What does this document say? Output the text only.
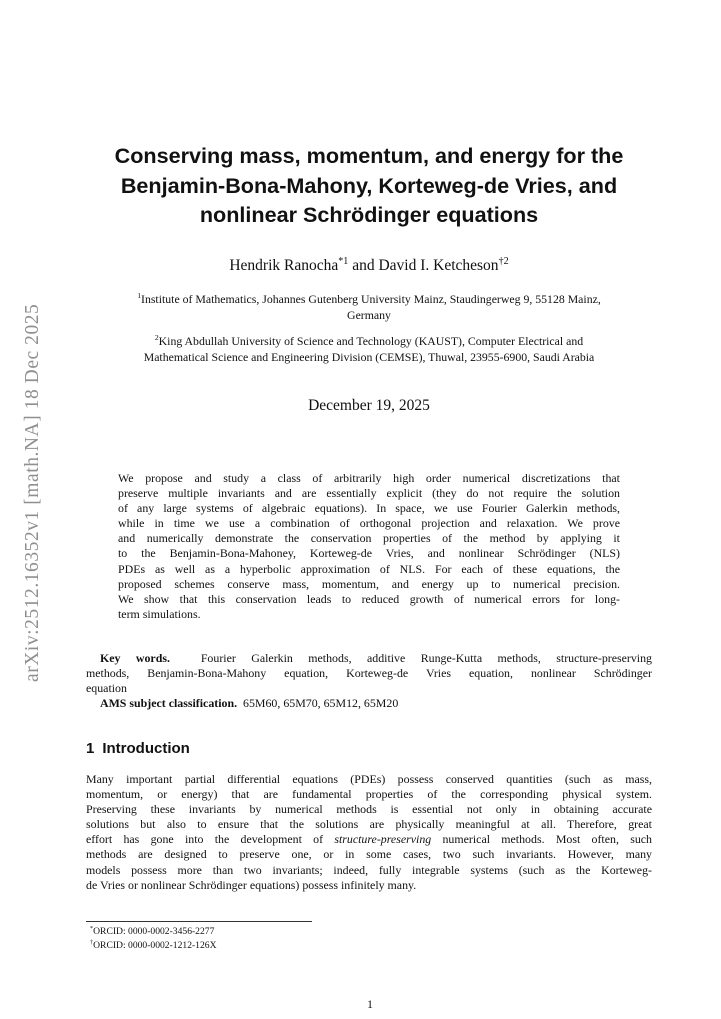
arXiv:2512.16352v1 [math.NA] 18 Dec 2025
Conserving mass, momentum, and energy for the
Benjamin-Bona-Mahony, Korteweg-de Vries, and
nonlinear Schrödinger equations
Hendrik Ranocha$^{*1}$ and David I. Ketcheson$^{\dagger 2}$
$^1$Institute of Mathematics, Johannes Gutenberg University Mainz, Staudingerweg 9, 55128 Mainz,
Germany
$^2$King Abdullah University of Science and Technology (KAUST), Computer Electrical and
Mathematical Science and Engineering Division (CEMSE), Thuwal, 23955-6900, Saudi Arabia
December 19, 2025
We propose and study a class of arbitrarily high order numerical discretizations that
preserve multiple invariants and are essentially explicit (they do not require the solution
of any large systems of algebraic equations). In space, we use Fourier Galerkin methods,
while in time we use a combination of orthogonal projection and relaxation. We prove
and numerically demonstrate the conservation properties of the method by applying it
to the Benjamin-Bona-Mahoney, Korteweg-de Vries, and nonlinear Schrödinger (NLS)
PDEs as well as a hyperbolic approximation of NLS. For each of these equations, the
proposed schemes conserve mass, momentum, and energy up to numerical precision.
We show that this conservation leads to reduced growth of numerical errors for long-
term simulations.
Key words.	Fourier Galerkin methods, additive Runge-Kutta methods, structure-preserving
methods, Benjamin-Bona-Mahony equation, Korteweg-de Vries equation, nonlinear Schrödinger
equation
AMS subject classification. 65M60, 65M70, 65M12, 65M20
1 Introduction
Many important partial differential equations (PDEs) possess conserved quantities (such as mass,
momentum, or energy) that are fundamental properties of the corresponding physical system.
Preserving these invariants by numerical methods is essential not only in obtaining accurate
solutions but also to ensure that the solutions are physically meaningful at all. Therefore, great
effort has gone into the development of structure-preserving numerical methods. Most often, such
methods are designed to preserve one, or in some cases, two such invariants. However, many
models possess more than two invariants; indeed, fully integrable systems (such as the Korteweg-
de Vries or nonlinear Schrödinger equations) possess infinitely many.
*ORCID: 0000-0002-3456-2277
†ORCID: 0000-0002-1212-126X
1
